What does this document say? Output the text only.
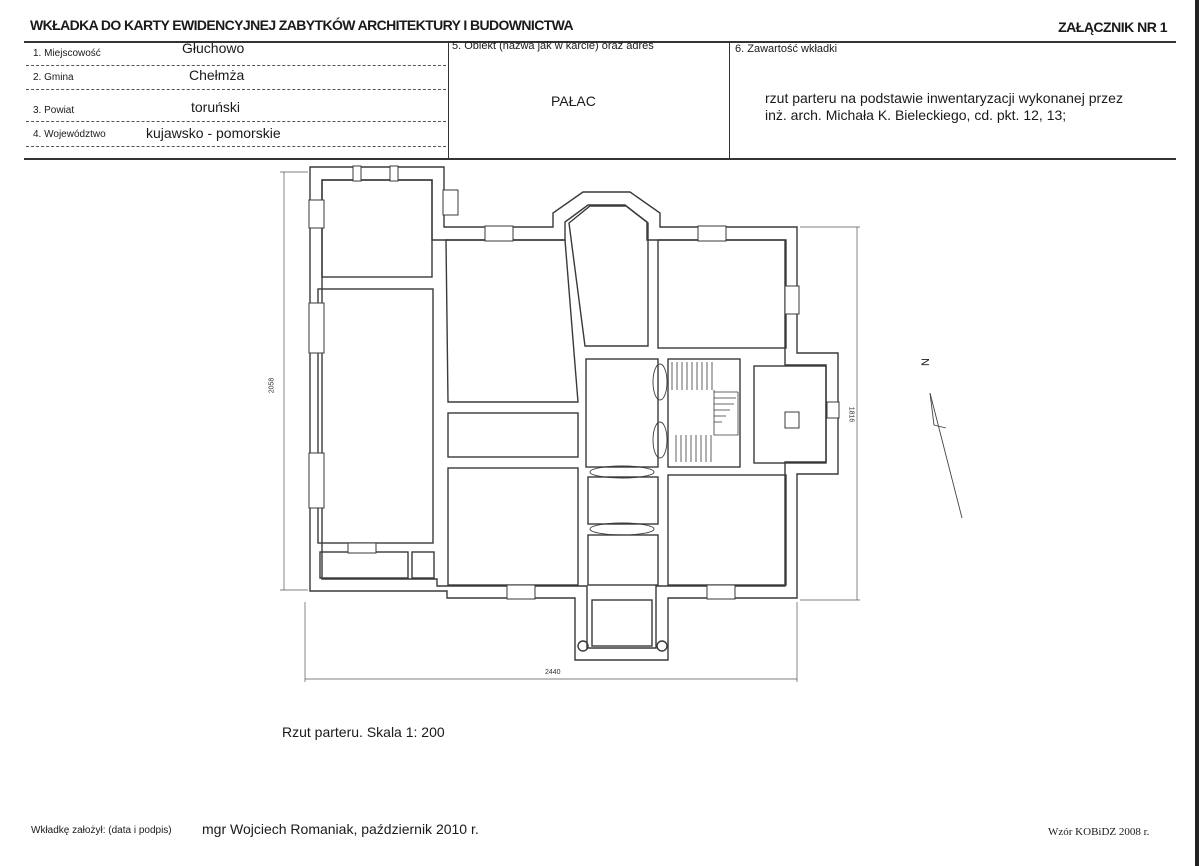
WKŁADKA DO KARTY EWIDENCYJNEJ ZABYTKÓW ARCHITEKTURY I BUDOWNICTWA	ZAŁĄCZNIK NR 1
1. Miejscowość	Głuchowo
2. Gmina	Chełmża
3. Powiat	toruński
4. Województwo	kujawsko - pomorskie
5. Obiekt (nazwa jak w karcie) oraz adres
PAŁAC
6. Zawartość wkładki
rzut parteru na podstawie inwentaryzacji wykonanej przez inż. arch. Michała K. Bieleckiego, cd. pkt. 12, 13;
2440
2058
1816
N
Rzut parteru. Skala 1: 200
Wkładkę założył: (data i podpis) mgr Wojciech Romaniak, październik 2010 r.	Wzór KOBiDZ 2008 r.
